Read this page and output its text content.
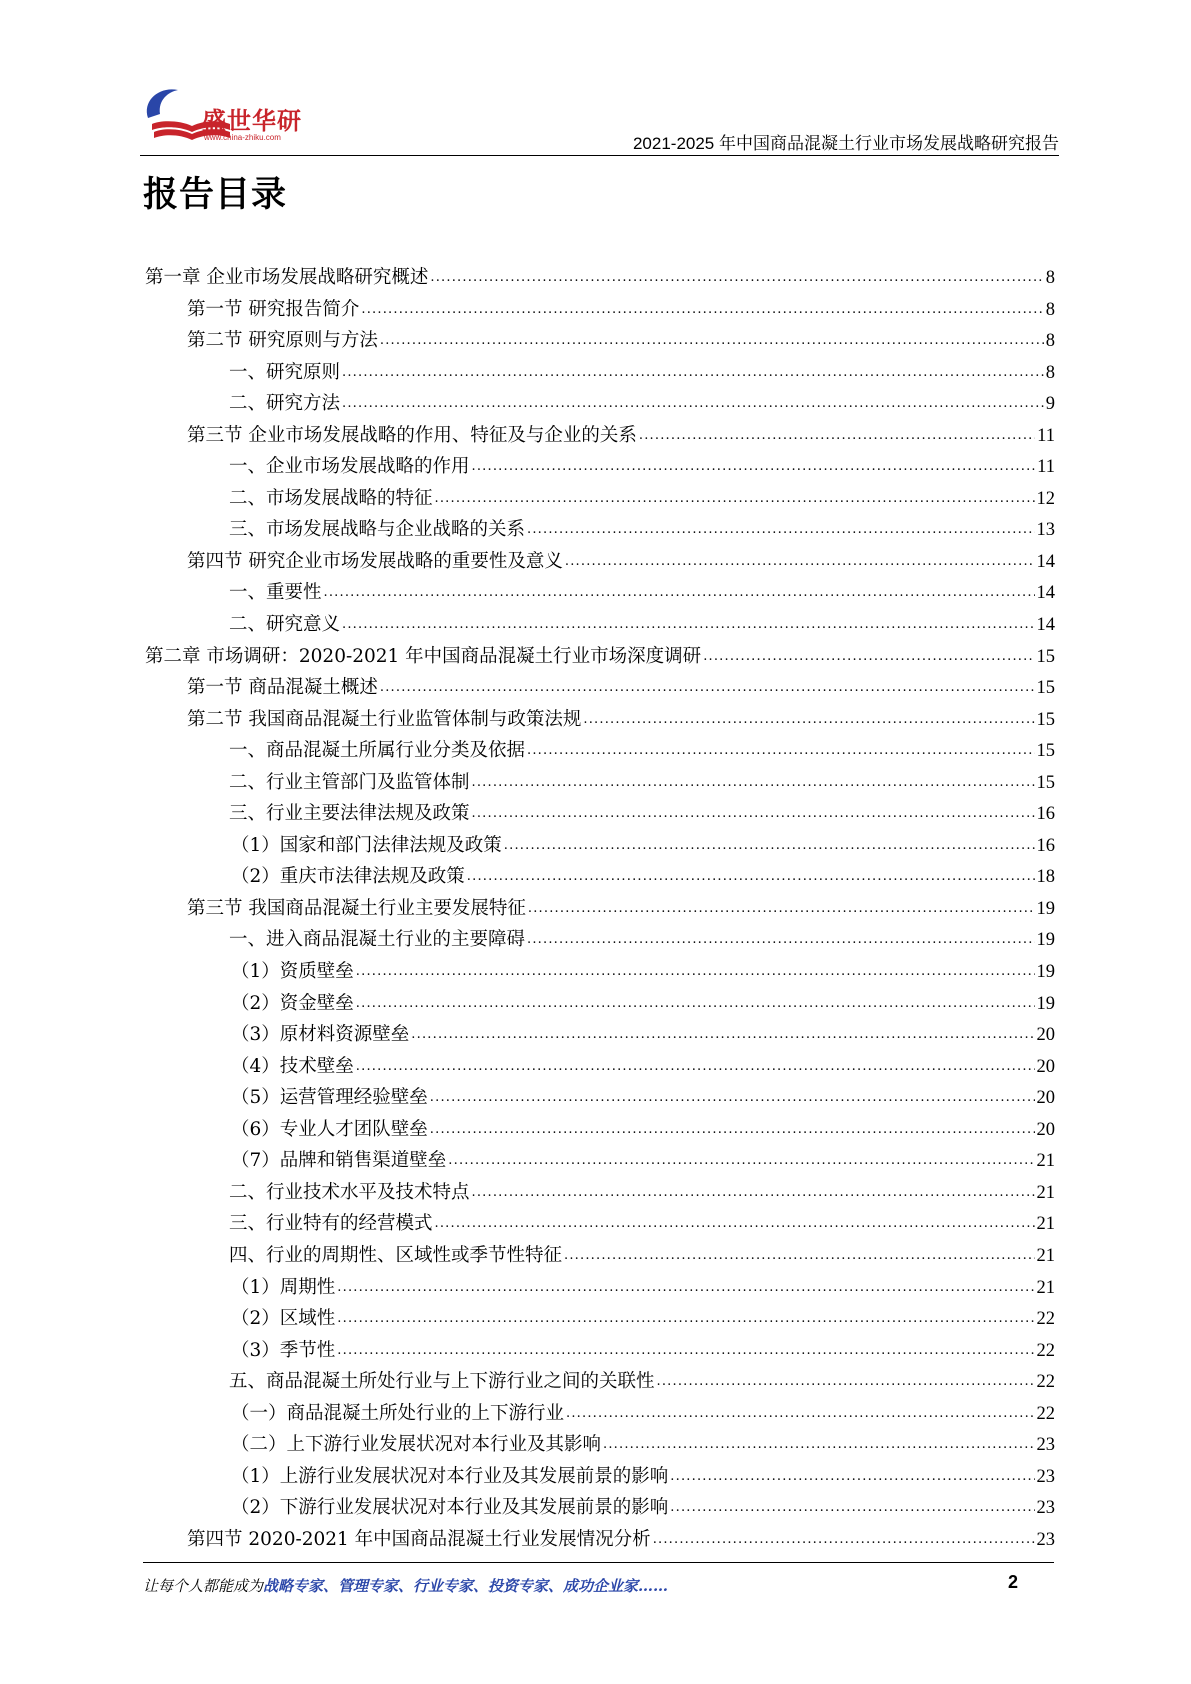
盛世华研
www.china-zhiku.com	2021-2025 年中国商品混凝土行业市场发展战略研究报告
报告目录
第一章 企业市场发展战略研究概述 .....	8
第一节 研究报告简介 .....	8
第二节 研究原则与方法 .....	8
一、研究原则 .....	8
二、研究方法 .....	9
第三节 企业市场发展战略的作用、特征及与企业的关系 .....	11
一、企业市场发展战略的作用 .....	11
二、市场发展战略的特征 .....	12
三、市场发展战略与企业战略的关系 .....	13
第四节 研究企业市场发展战略的重要性及意义 .....	14
一、重要性 .....	14
二、研究意义 .....	14
第二章 市场调研：2020-2021 年中国商品混凝土行业市场深度调研 .....	15
第一节 商品混凝土概述 .....	15
第二节 我国商品混凝土行业监管体制与政策法规 .....	15
一、商品混凝土所属行业分类及依据 .....	15
二、行业主管部门及监管体制 .....	15
三、行业主要法律法规及政策 .....	16
（1）国家和部门法律法规及政策 .....	16
（2）重庆市法律法规及政策 .....	18
第三节 我国商品混凝土行业主要发展特征 .....	19
一、进入商品混凝土行业的主要障碍 .....	19
（1）资质壁垒 .....	19
（2）资金壁垒 .....	19
（3）原材料资源壁垒 .....	20
（4）技术壁垒 .....	20
（5）运营管理经验壁垒 .....	20
（6）专业人才团队壁垒 .....	20
（7）品牌和销售渠道壁垒 .....	21
二、行业技术水平及技术特点 .....	21
三、行业特有的经营模式 .....	21
四、行业的周期性、区域性或季节性特征 .....	21
（1）周期性 .....	21
（2）区域性 .....	22
（3）季节性 .....	22
五、商品混凝土所处行业与上下游行业之间的关联性 .....	22
（一）商品混凝土所处行业的上下游行业 .....	22
（二）上下游行业发展状况对本行业及其影响 .....	23
（1）上游行业发展状况对本行业及其发展前景的影响 .....	23
（2）下游行业发展状况对本行业及其发展前景的影响 .....	23
第四节 2020-2021 年中国商品混凝土行业发展情况分析 .....	23
让每个人都能成为战略专家、管理专家、行业专家、投资专家、成功企业家……	2
